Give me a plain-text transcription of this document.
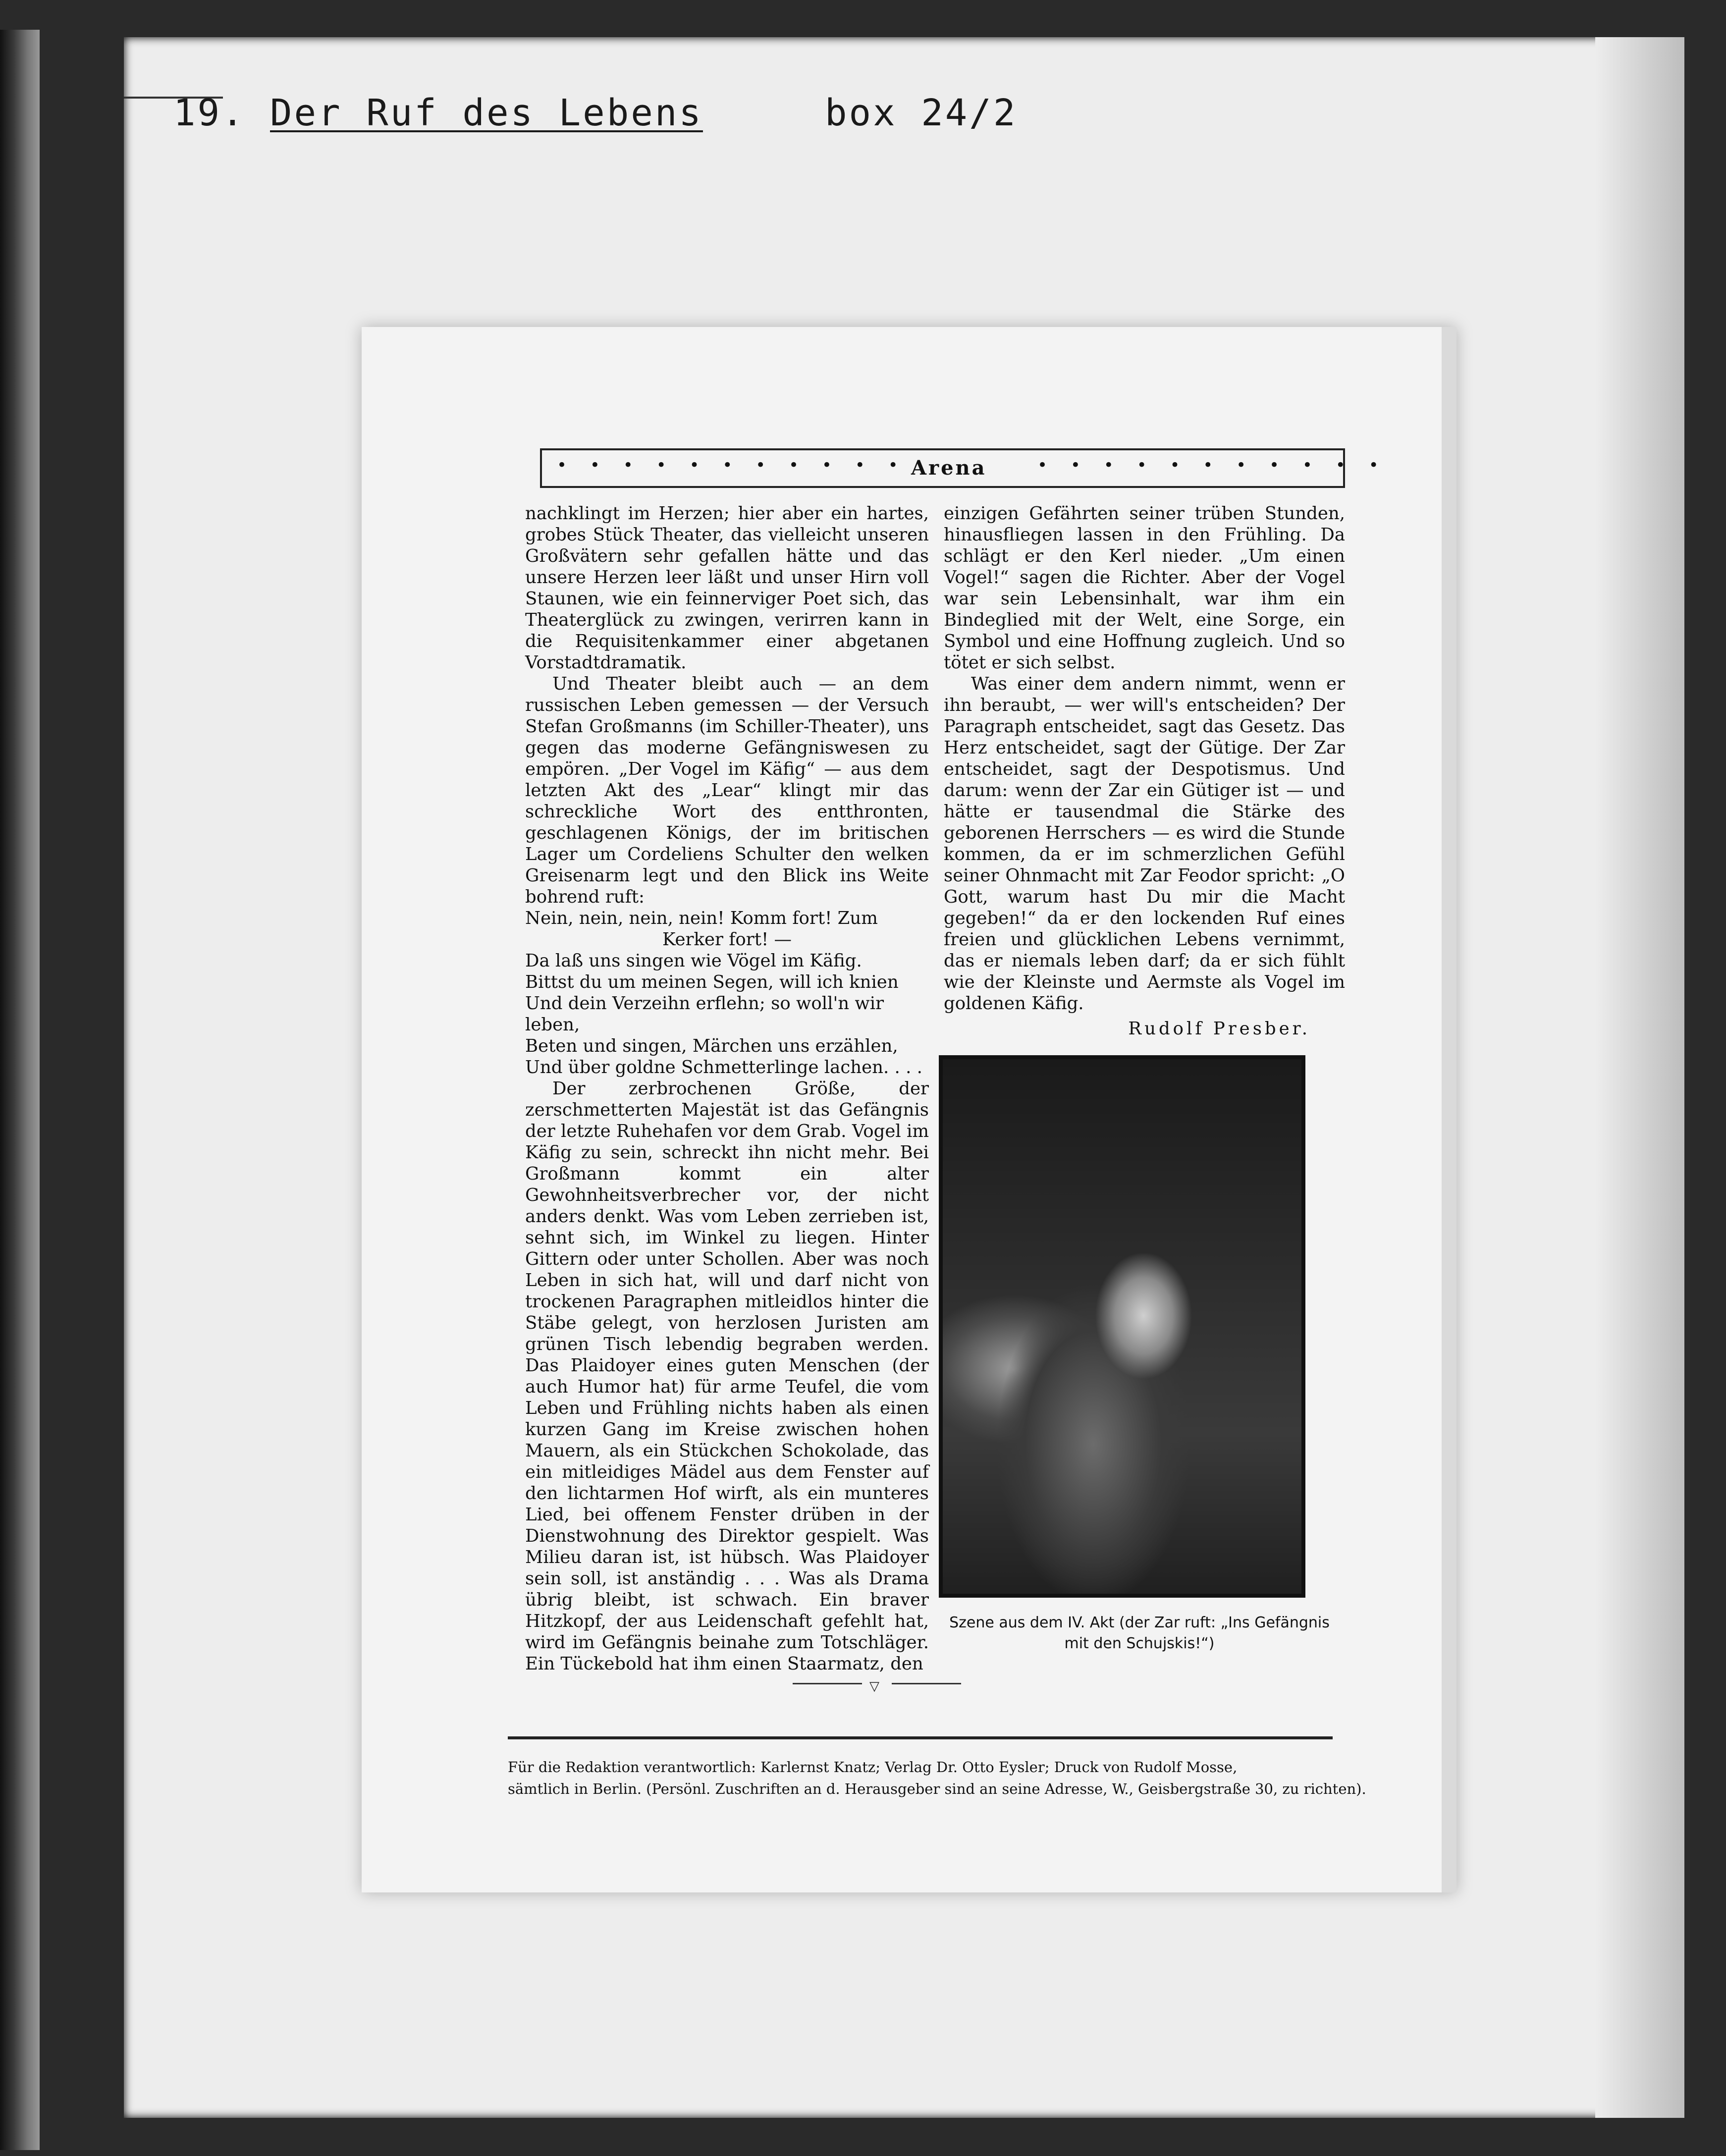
19. Der Ruf des Lebens	box 24/2
• • • • • • • • • • • Arena	• • • • • • • • • • •

nachklingt im Herzen; hier aber ein hartes, grobes Stück Theater, das vielleicht unseren Großvätern sehr gefallen hätte und das unsere Herzen leer läßt und unser Hirn voll Staunen, wie ein feinnerviger Poet sich, das Theaterglück zu zwingen, verirren kann in die Requisitenkammer einer abgetanen Vorstadtdramatik.

Und Theater bleibt auch — an dem russischen Leben gemessen — der Versuch Stefan Großmanns (im Schiller-Theater), uns gegen das moderne Gefängniswesen zu empören. „Der Vogel im Käfig“ — aus dem letzten Akt des „Lear“ klingt mir das schreckliche Wort des entthronten, geschlagenen Königs, der im britischen Lager um Cordeliens Schulter den welken Greisenarm legt und den Blick ins Weite bohrend ruft:

Nein, nein, nein, nein! Komm fort! Zum

Kerker fort! —

Da laß uns singen wie Vögel im Käfig.

Bittst du um meinen Segen, will ich knien

Und dein Verzeihn erflehn; so woll'n wir leben,

Beten und singen, Märchen uns erzählen,

Und über goldne Schmetterlinge lachen. . . .

Der zerbrochenen Größe, der zerschmetterten Majestät ist das Gefängnis der letzte Ruhehafen vor dem Grab. Vogel im Käfig zu sein, schreckt ihn nicht mehr. Bei Großmann kommt ein alter Gewohnheitsverbrecher vor, der nicht anders denkt. Was vom Leben zerrieben ist, sehnt sich, im Winkel zu liegen. Hinter Gittern oder unter Schollen. Aber was noch Leben in sich hat, will und darf nicht von trockenen Paragraphen mitleidlos hinter die Stäbe gelegt, von herzlosen Juristen am grünen Tisch lebendig begraben werden. Das Plaidoyer eines guten Menschen (der auch Humor hat) für arme Teufel, die vom Leben und Frühling nichts haben als einen kurzen Gang im Kreise zwischen hohen Mauern, als ein Stückchen Schokolade, das ein mitleidiges Mädel aus dem Fenster auf den lichtarmen Hof wirft, als ein munteres Lied, bei offenem Fenster drüben in der Dienstwohnung des Direktor gespielt. Was Milieu daran ist, ist hübsch. Was Plaidoyer sein soll, ist anständig . . . Was als Drama übrig bleibt, ist schwach. Ein braver Hitzkopf, der aus Leidenschaft gefehlt hat, wird im Gefängnis beinahe zum Totschläger. Ein Tückebold hat ihm einen Staarmatz, den

einzigen Gefährten seiner trüben Stunden, hinausfliegen lassen in den Frühling. Da schlägt er den Kerl nieder. „Um einen Vogel!“ sagen die Richter. Aber der Vogel war sein Lebensinhalt, war ihm ein Bindeglied mit der Welt, eine Sorge, ein Symbol und eine Hoffnung zugleich. Und so tötet er sich selbst.

Was einer dem andern nimmt, wenn er ihn beraubt, — wer will's entscheiden? Der Paragraph entscheidet, sagt das Gesetz. Das Herz entscheidet, sagt der Gütige. Der Zar entscheidet, sagt der Despotismus. Und darum: wenn der Zar ein Gütiger ist — und hätte er tausendmal die Stärke des geborenen Herrschers — es wird die Stunde kommen, da er im schmerzlichen Gefühl seiner Ohnmacht mit Zar Feodor spricht: „O Gott, warum hast Du mir die Macht gegeben!“ da er den lockenden Ruf eines freien und glücklichen Lebens vernimmt, das er niemals leben darf; da er sich fühlt wie der Kleinste und Aermste als Vogel im goldenen Käfig.

Rudolf Presber.

Szene aus dem IV. Akt (der Zar ruft: „Ins Gefängnis mit den Schujskis!“)
▽
Für die Redaktion verantwortlich: Karlernst Knatz; Verlag Dr. Otto Eysler; Druck von Rudolf Mosse,
sämtlich in Berlin. (Persönl. Zuschriften an d. Herausgeber sind an seine Adresse, W., Geisbergstraße 30, zu richten).
